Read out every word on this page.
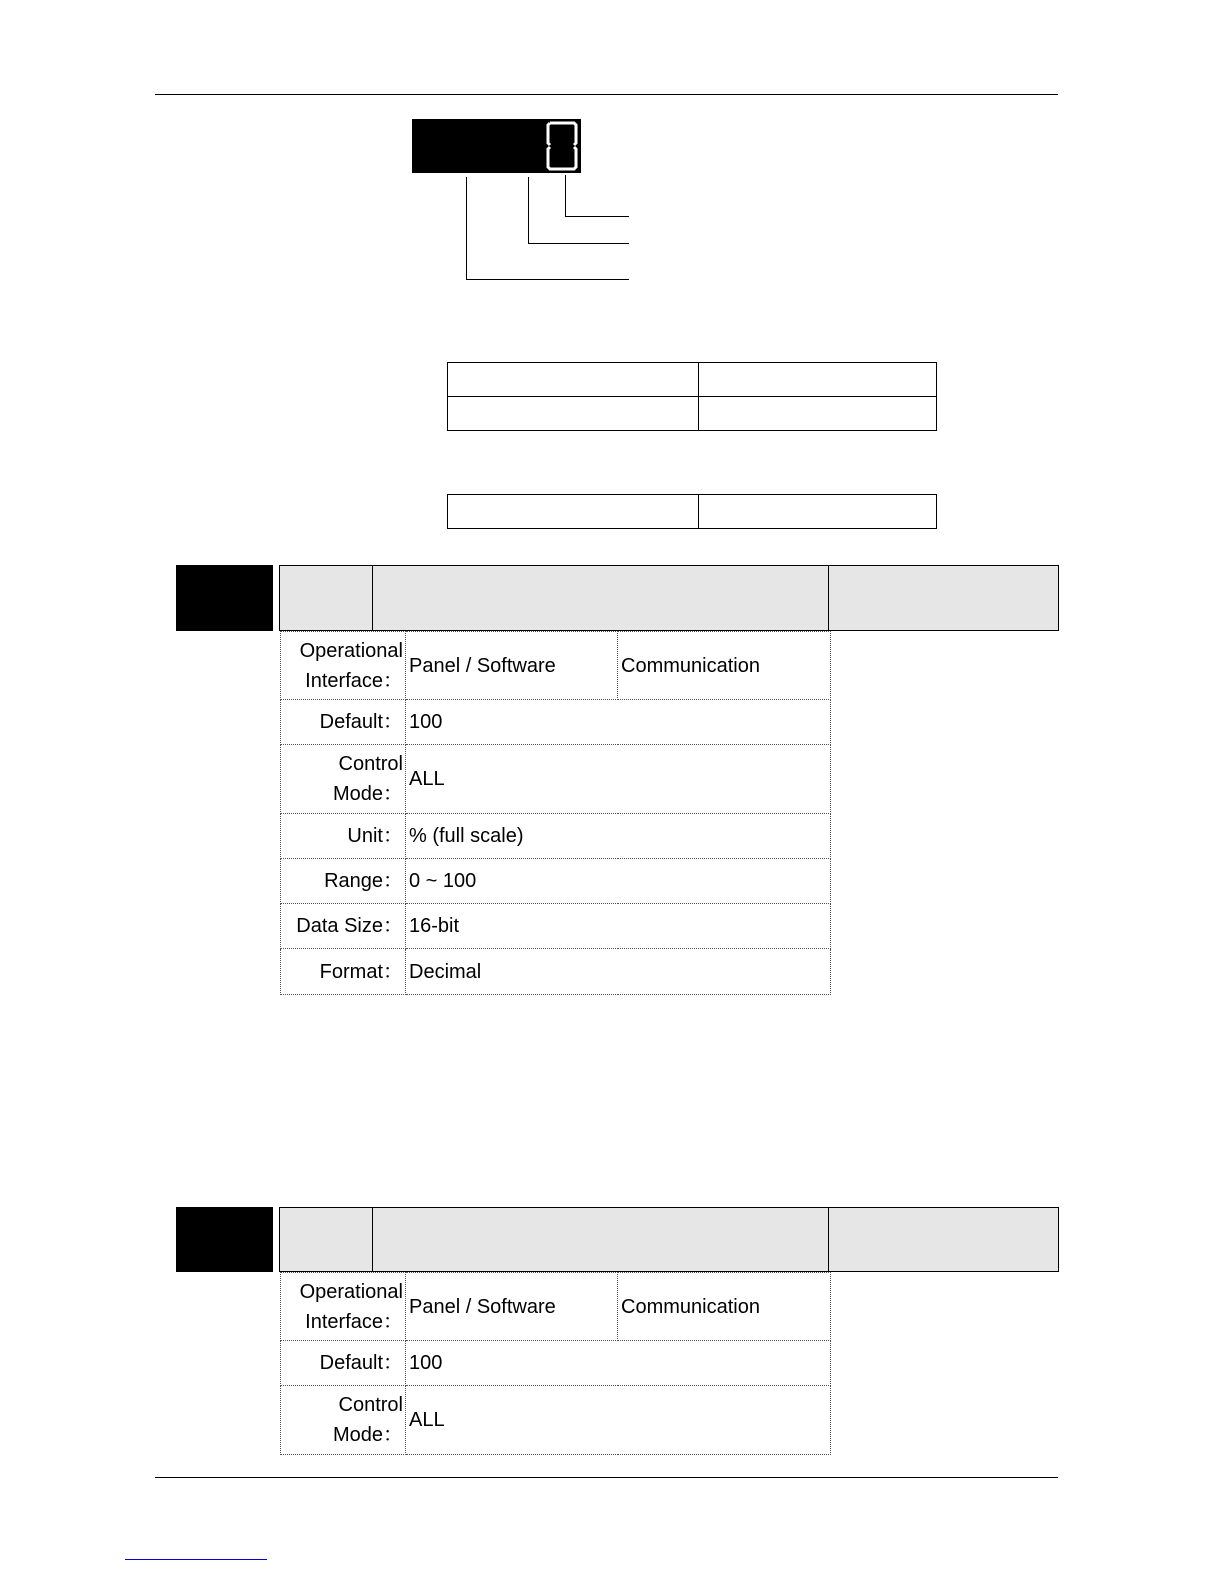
Operational
Interface：	Panel / Software	Communication
Default：	100	

Control
Mode：	ALL	
Unit：	% (full scale)	
Range：	0 ~ 100	
Data Size：	16-bit	
Format：	Decimal	
Operational
Interface：	Panel / Software	Communication
Default：	100	

Control
Mode：	ALL	
